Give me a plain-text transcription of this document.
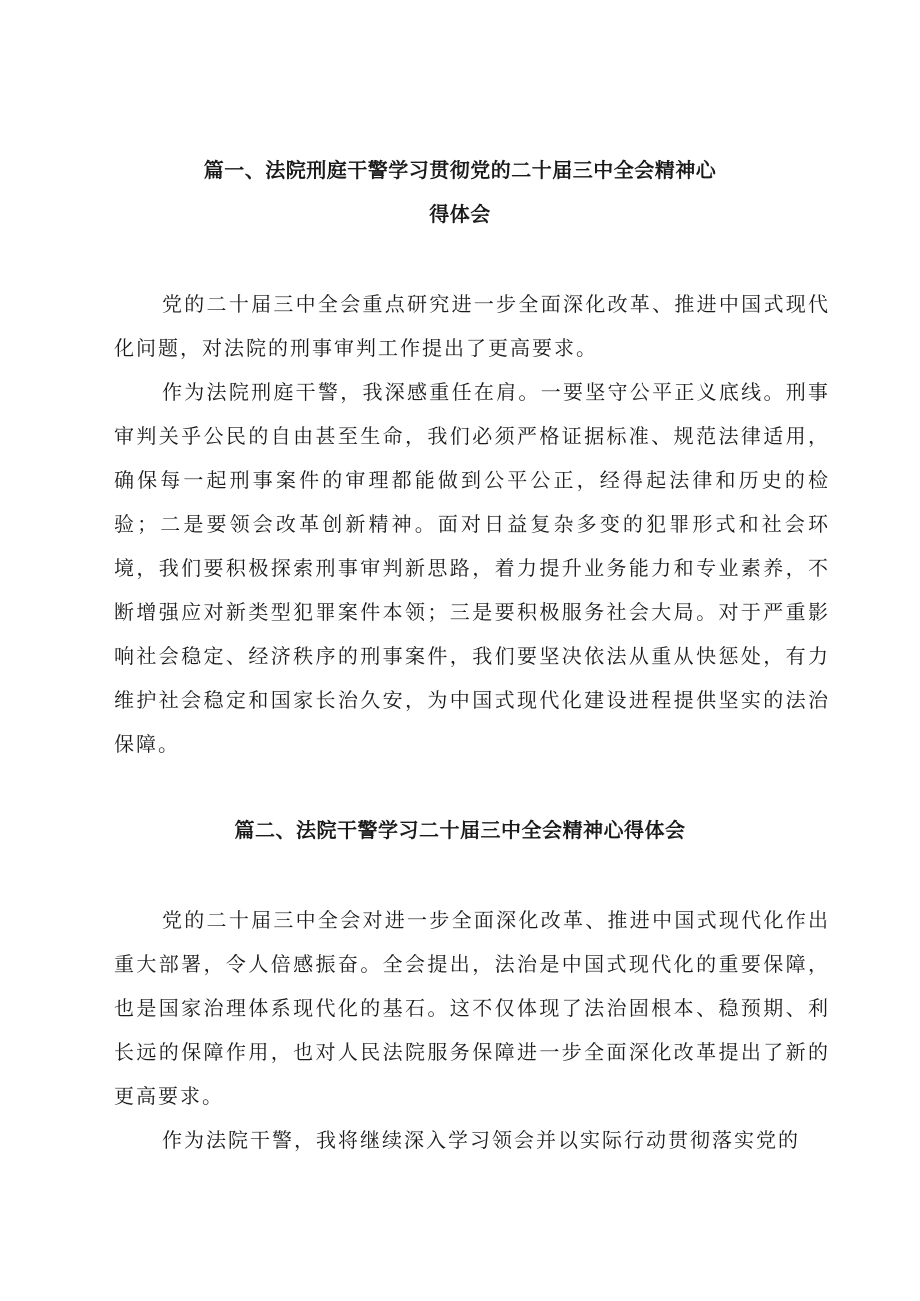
篇一、法院刑庭干警学习贯彻党的二十届三中全会精神心
得体会

党的二十届三中全会重点研究进一步全面深化改革、推进中国式现代化问题，对法院的刑事审判工作提出了更高要求。

作为法院刑庭干警，我深感重任在肩。一要坚守公平正义底线。刑事审判关乎公民的自由甚至生命，我们必须严格证据标准、规范法律适用，确保每一起刑事案件的审理都能做到公平公正，经得起法律和历史的检验；二是要领会改革创新精神。面对日益复杂多变的犯罪形式和社会环境，我们要积极探索刑事审判新思路，着力提升业务能力和专业素养，不断增强应对新类型犯罪案件本领；三是要积极服务社会大局。对于严重影响社会稳定、经济秩序的刑事案件，我们要坚决依法从重从快惩处，有力维护社会稳定和国家长治久安，为中国式现代化建设进程提供坚实的法治保障。

篇二、法院干警学习二十届三中全会精神心得体会

党的二十届三中全会对进一步全面深化改革、推进中国式现代化作出重大部署，令人倍感振奋。全会提出，法治是中国式现代化的重要保障，也是国家治理体系现代化的基石。这不仅体现了法治固根本、稳预期、利长远的保障作用，也对人民法院服务保障进一步全面深化改革提出了新的更高要求。

作为法院干警，我将继续深入学习领会并以实际行动贯彻落实党的
